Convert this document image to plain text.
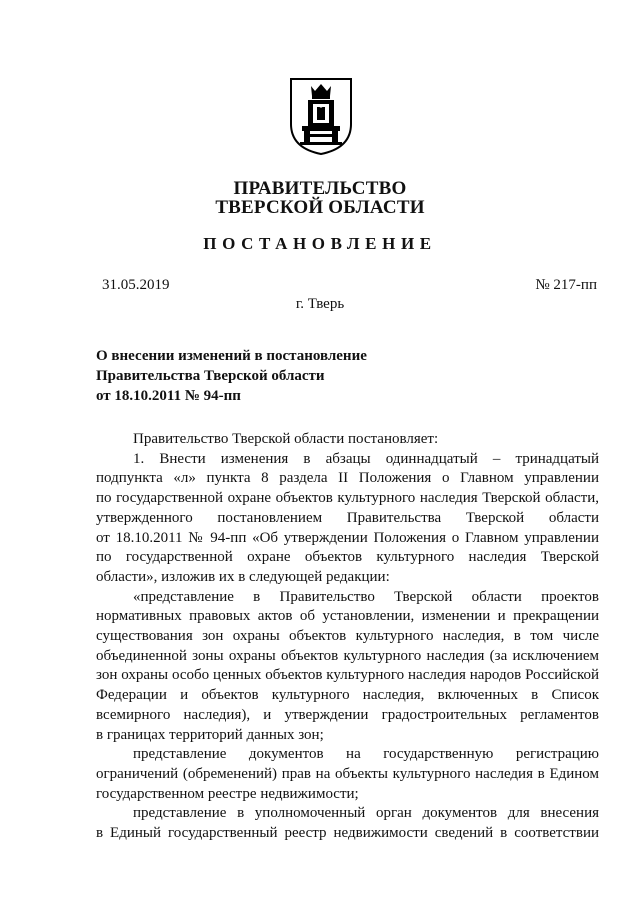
ПРАВИТЕЛЬСТВО
ТВЕРСКОЙ ОБЛАСТИ
ПОСТАНОВЛЕНИЕ
31.05.2019	№ 217-пп
г. Тверь
О внесении изменений в постановление
Правительства Тверской области
от 18.10.2011 № 94-пп
Правительство Тверской области постановляет:
1. Внести изменения в абзацы одиннадцатый – тринадцатый
подпункта «л» пункта 8 раздела II Положения о Главном управлении
по государственной охране объектов культурного наследия Тверской области,
утвержденного постановлением Правительства Тверской области
от 18.10.2011 № 94-пп «Об утверждении Положения о Главном управлении
по государственной охране объектов культурного наследия Тверской
области», изложив их в следующей редакции:
«представление в Правительство Тверской области проектов
нормативных правовых актов об установлении, изменении и прекращении
существования зон охраны объектов культурного наследия, в том числе
объединенной зоны охраны объектов культурного наследия (за исключением
зон охраны особо ценных объектов культурного наследия народов Российской
Федерации и объектов культурного наследия, включенных в Список
всемирного наследия), и утверждении градостроительных регламентов
в границах территорий данных зон;
представление документов на государственную регистрацию
ограничений (обременений) прав на объекты культурного наследия в Едином
государственном реестре недвижимости;
представление в уполномоченный орган документов для внесения
в Единый государственный реестр недвижимости сведений в соответствии
